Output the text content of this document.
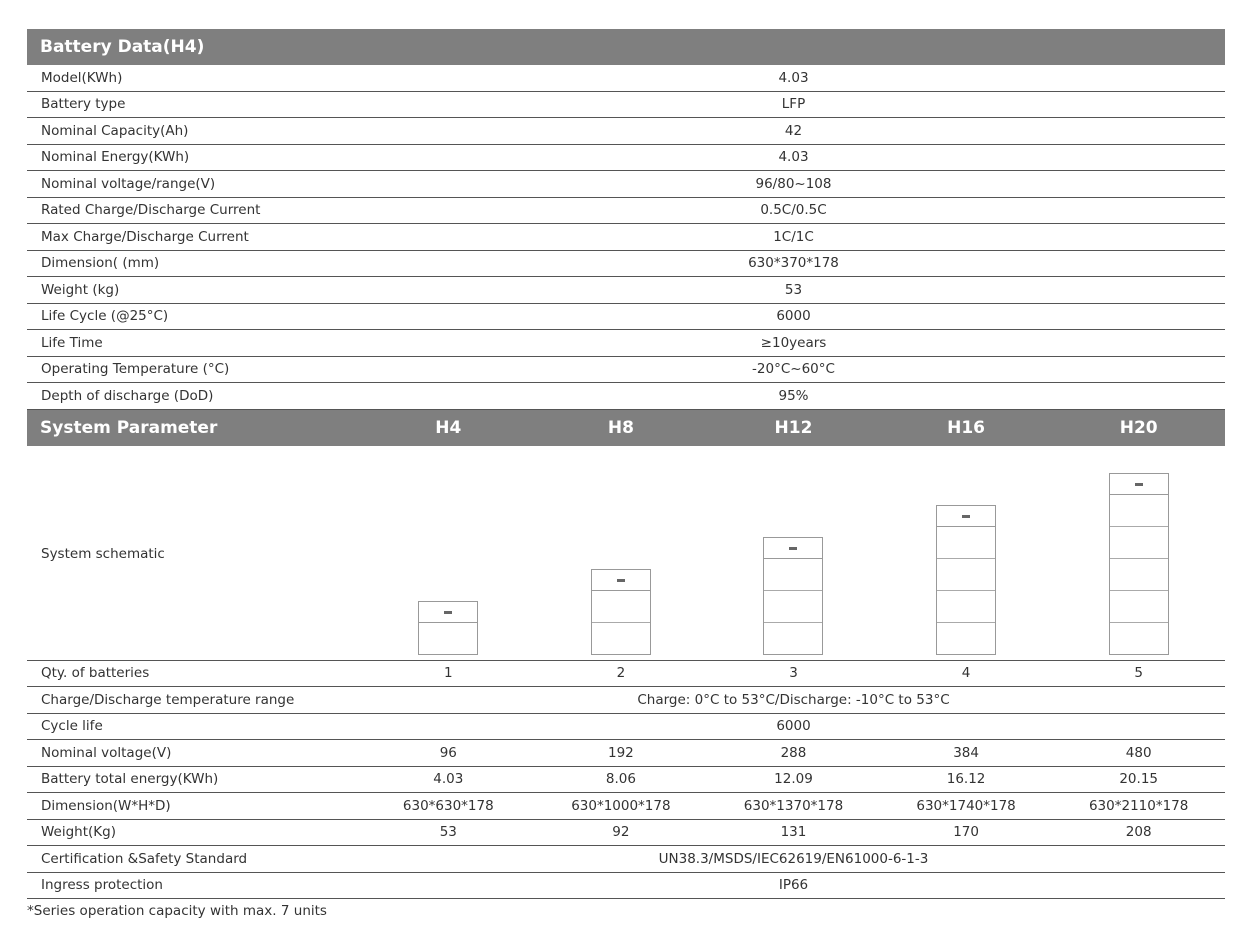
Battery Data(H4)
Model(KWh)	4.03
Battery type	LFP
Nominal Capacity(Ah)	42
Nominal Energy(KWh)	4.03
Nominal voltage/range(V)	96/80~108
Rated Charge/Discharge Current	0.5C/0.5C
Max Charge/Discharge Current	1C/1C
Dimension( (mm)	630*370*178
Weight (kg)	53
Life Cycle (@25°C)	6000
Life Time	≥10years
Operating Temperature (°C)	-20°C~60°C
Depth of discharge (DoD)	95%
System Parameter	H4	H8	H12	H16	H20
System schematic
Qty. of batteries	1	2	3	4	5
Charge/Discharge temperature range	Charge: 0°C to 53°C/Discharge: -10°C to 53°C
Cycle life	6000
Nominal voltage(V)	96	192	288	384	480
Battery total energy(KWh)	4.03	8.06	12.09	16.12	20.15
Dimension(W*H*D)	630*630*178	630*1000*178	630*1370*178	630*1740*178	630*2110*178
Weight(Kg)	53	92	131	170	208
Certification &Safety Standard	UN38.3/MSDS/IEC62619/EN61000-6-1-3
Ingress protection	IP66
*Series operation capacity with max. 7 units
